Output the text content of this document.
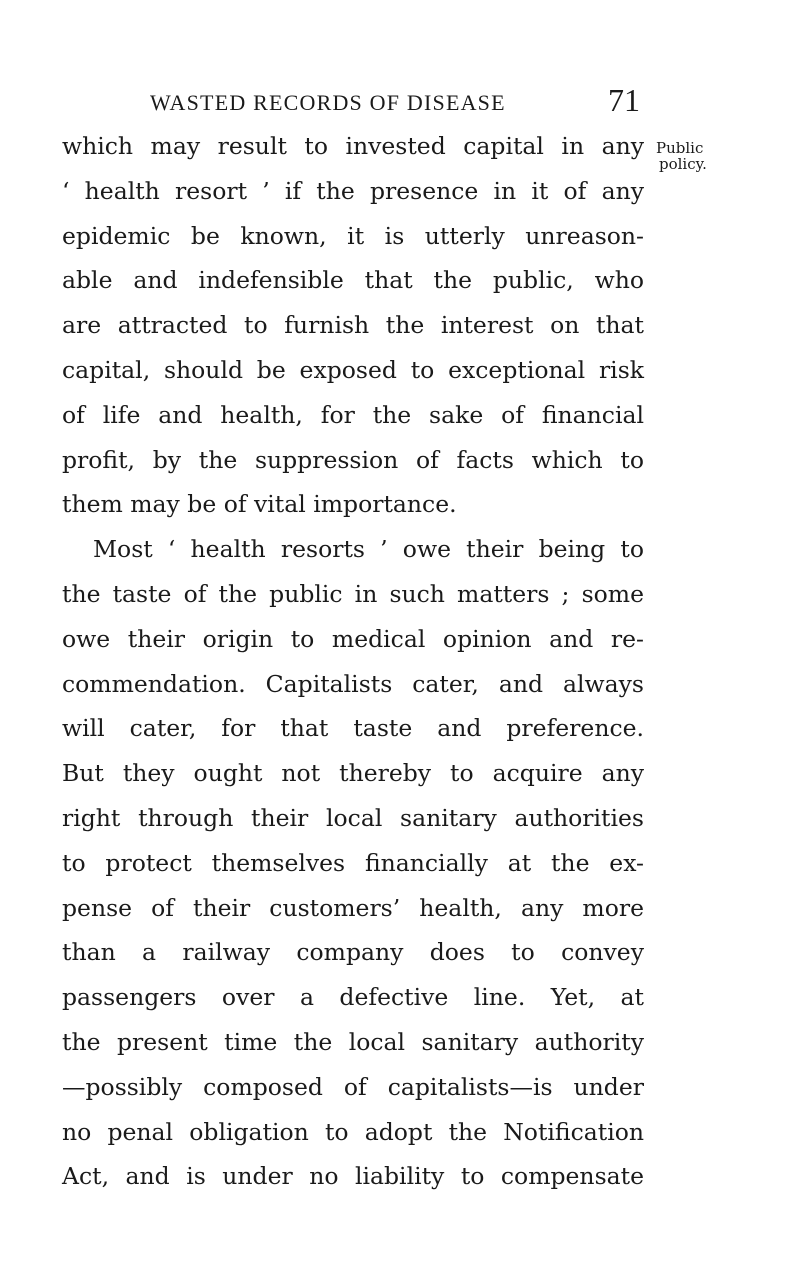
WASTED RECORDS OF DISEASE	71
Public
policy.
which may result to invested capital in any
‘ health resort ’ if the presence in it of any
epidemic be known, it is utterly unreason-
able and indefensible that the public, who
are attracted to furnish the interest on that
capital, should be exposed to exceptional risk
of life and health, for the sake of financial
profit, by the suppression of facts which to
them may be of vital importance.
Most ‘ health resorts ’ owe their being to
the taste of the public in such matters ; some
owe their origin to medical opinion and re-
commendation. Capitalists cater, and always
will cater, for that taste and preference.
But they ought not thereby to acquire any
right through their local sanitary authorities
to protect themselves financially at the ex-
pense of their customers’ health, any more
than a railway company does to convey
passengers over a defective line. Yet, at
the present time the local sanitary authority
—possibly composed of capitalists—is under
no penal obligation to adopt the Notification
Act, and is under no liability to compensate
